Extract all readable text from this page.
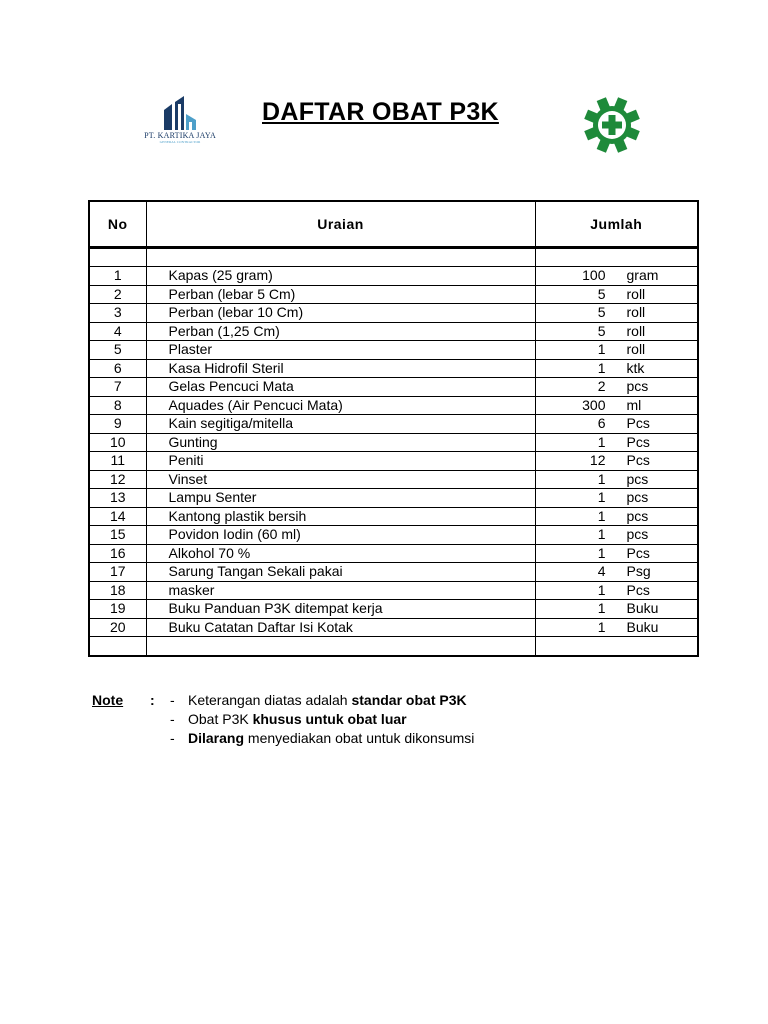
PT. KARTIKA JAYA
GENERAL CONTRACTOR
DAFTAR OBAT P3K
No	Uraian	Jumlah

1	Kapas (25 gram)	100 gram

2	Perban (lebar 5 Cm)	5 roll

3	Perban (lebar 10 Cm)	5 roll

4	Perban (1,25 Cm)	5 roll

5	Plaster	1 roll

6	Kasa Hidrofil Steril	1 ktk

7	Gelas Pencuci Mata	2 pcs

8	Aquades (Air Pencuci Mata)	300 ml

9	Kain segitiga/mitella	6 Pcs

10	Gunting	1 Pcs

11	Peniti	12 Pcs

12	Vinset	1 pcs

13	Lampu Senter	1 pcs

14	Kantong plastik bersih	1 pcs

15	Povidon Iodin (60 ml)	1 pcs

16	Alkohol 70 %	1 Pcs

17	Sarung Tangan Sekali pakai	4 Psg

18	masker	1 Pcs

19	Buku Panduan P3K ditempat kerja	1 Buku

20	Buku Catatan Daftar Isi Kotak	1 Buku

Note : - Keterangan diatas adalah standar obat P3K
- Obat P3K khusus untuk obat luar
- Dilarang menyediakan obat untuk dikonsumsi
